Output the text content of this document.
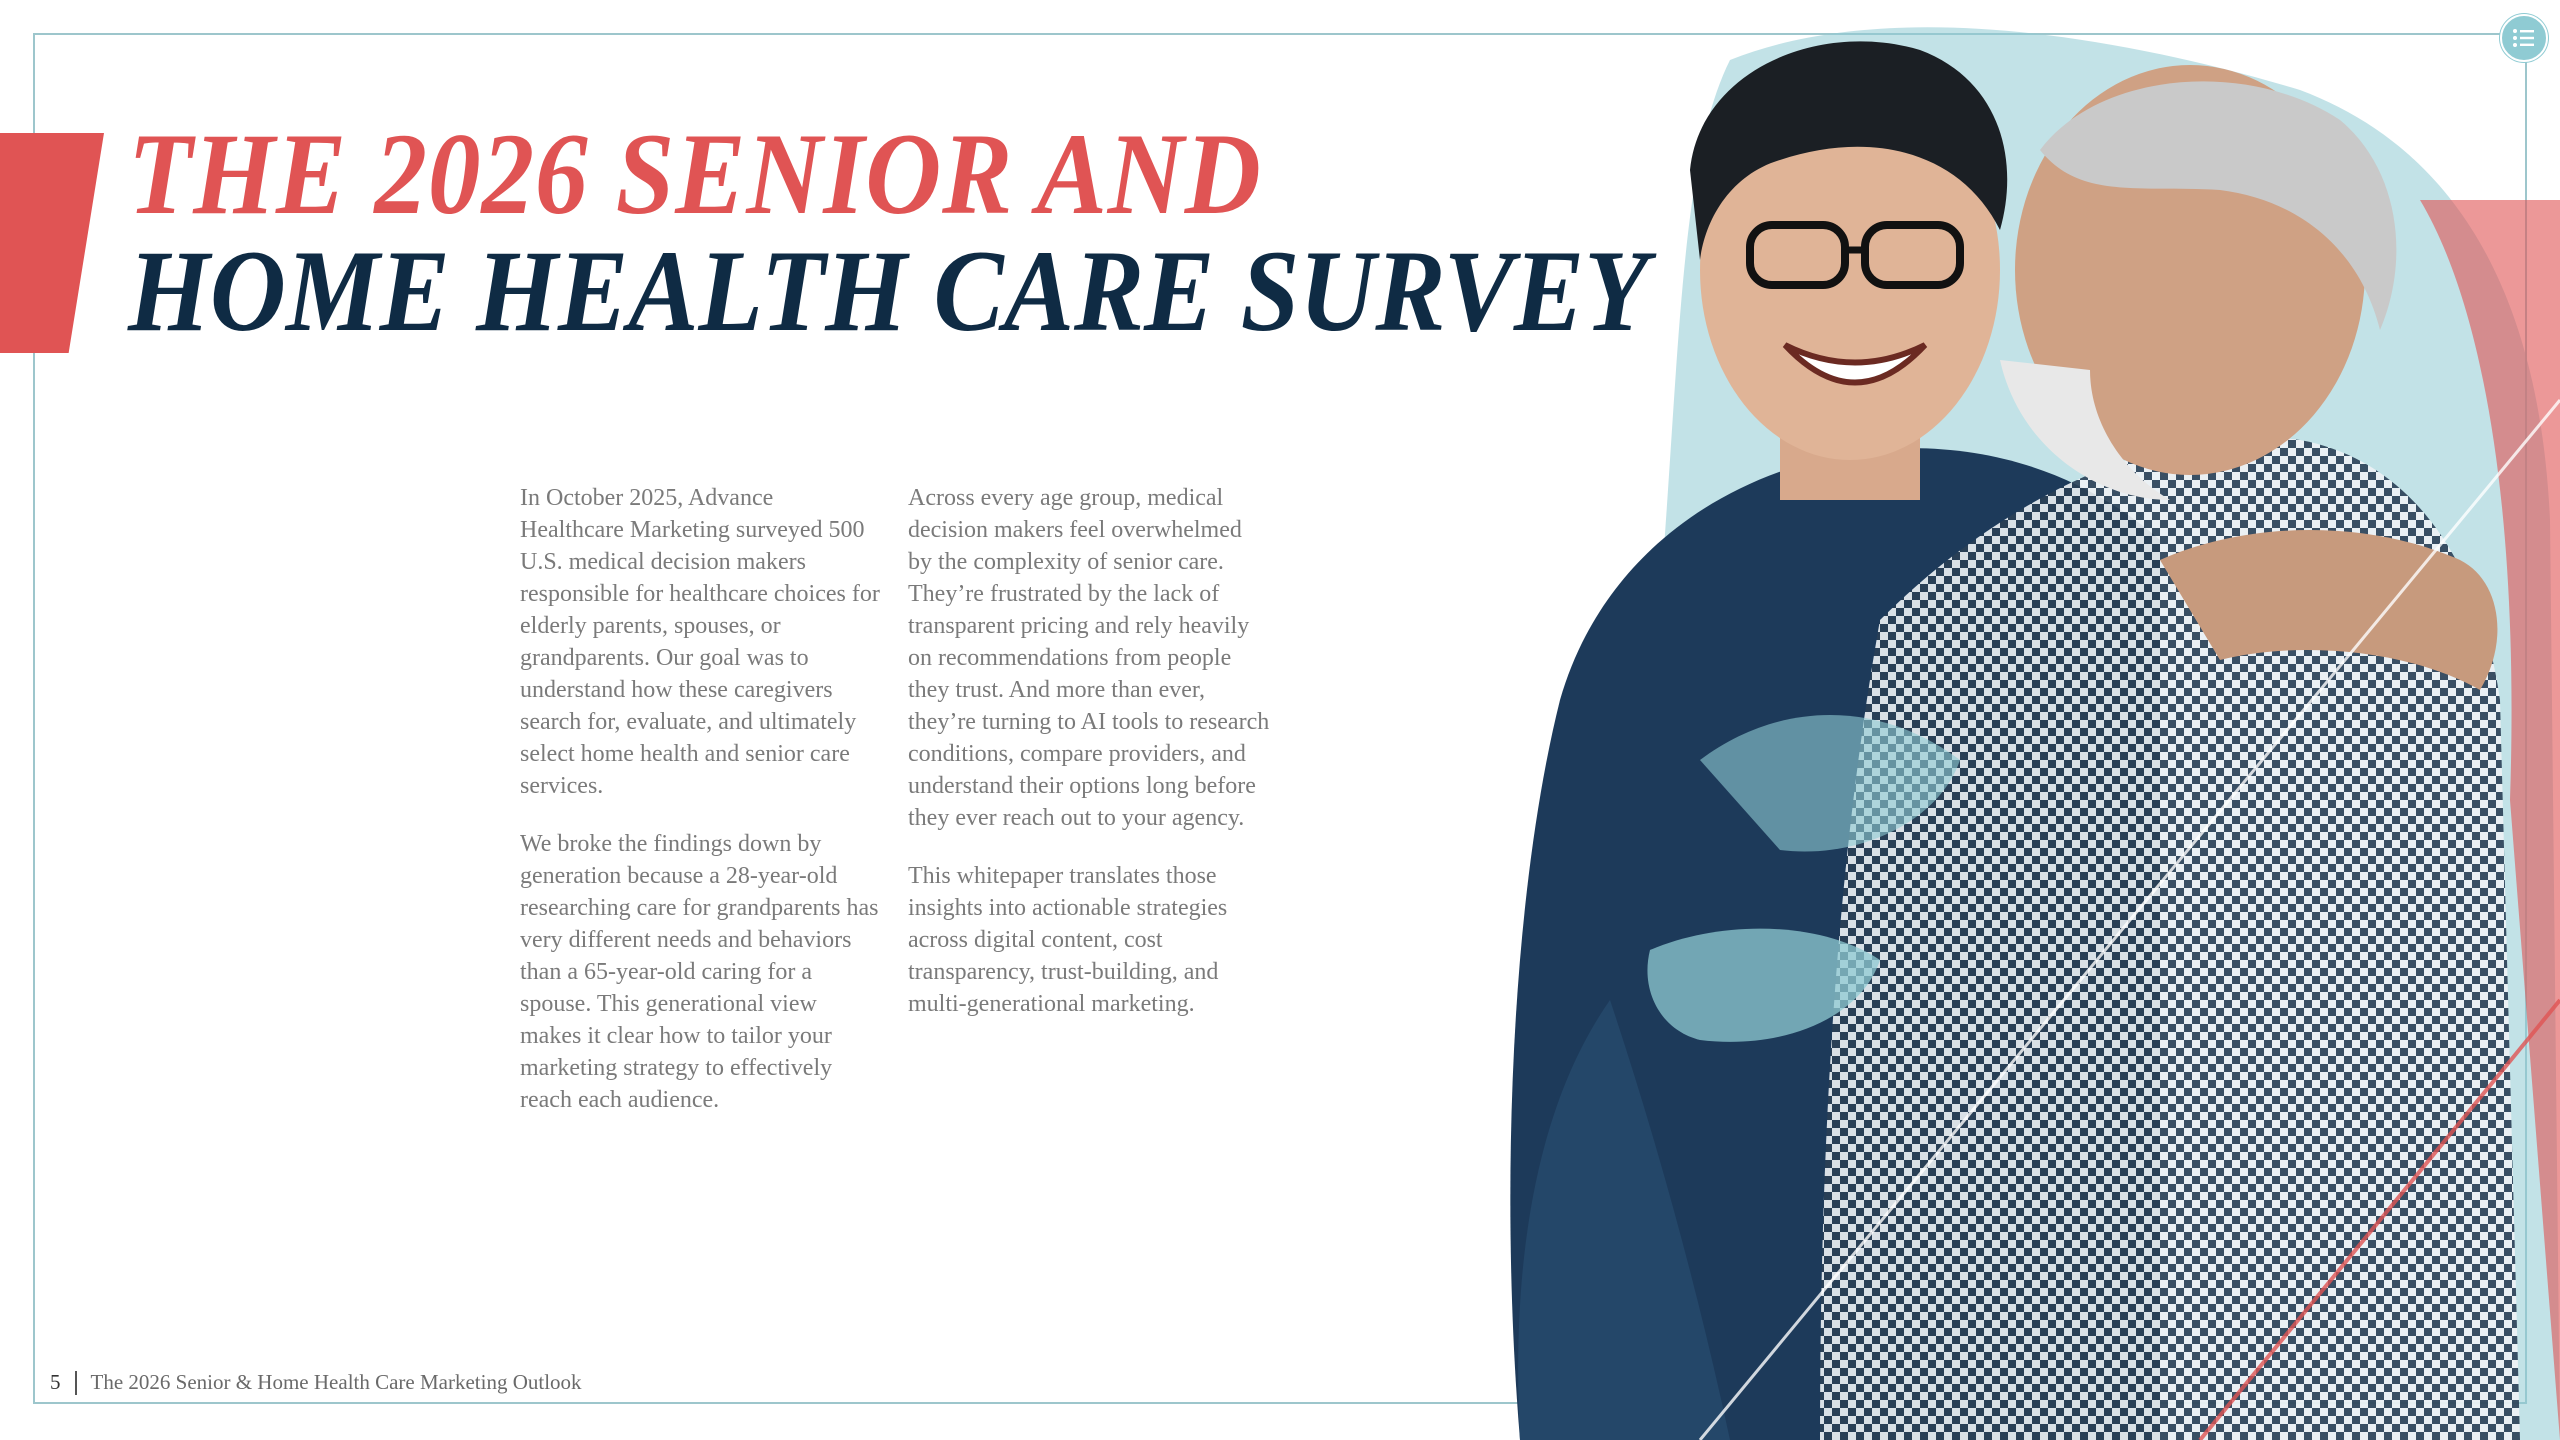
THE 2026 SENIOR AND
HOME HEALTH CARE SURVEY

In October 2025, Advance Healthcare Marketing surveyed 500 U.S. medical decision makers responsible for healthcare choices for elderly parents, spouses, or grandparents. Our goal was to understand how these caregivers search for, evaluate, and ultimately select home health and senior care services.

We broke the findings down by generation because a 28-year-old researching care for grandparents has very different needs and behaviors than a 65-year-old caring for a spouse. This generational view makes it clear how to tailor your marketing strategy to effectively reach each audience.

Across every age group, medical decision makers feel overwhelmed by the complexity of senior care. They’re frustrated by the lack of transparent pricing and rely heavily on recommendations from people they trust. And more than ever, they’re turning to AI tools to research conditions, compare providers, and understand their options long before they ever reach out to your agency.

This whitepaper translates those insights into actionable strategies across digital content, cost transparency, trust-building, and multi-generational marketing.

5 The 2026 Senior & Home Health Care Marketing Outlook
